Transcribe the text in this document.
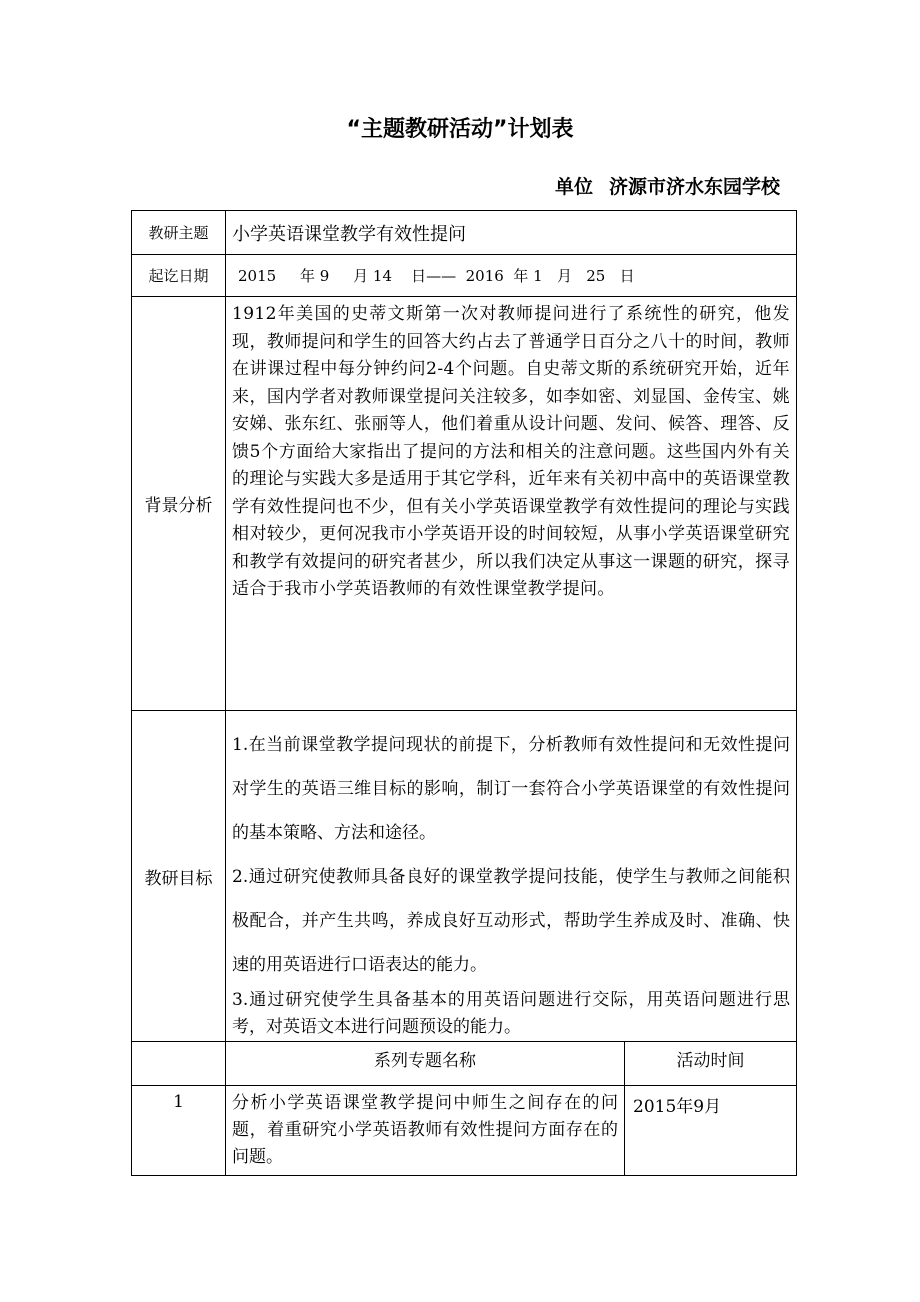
“主题教研活动”计划表
单位 济源市济水东园学校
教研主题	小学英语课堂教学有效性提问	
起讫日期	2015     年 9     月 14    日——  2016  年 1   月   25   日	
背景分析	1912年美国的史蒂文斯第一次对教师提问进行了系统性的研究，他发现，教师提问和学生的回答大约占去了普通学日百分之八十的时间，教师在讲课过程中每分钟约问2-4个问题。自史蒂文斯的系统研究开始，近年来，国内学者对教师课堂提问关注较多，如李如密、刘显国、金传宝、姚安娣、张东红、张丽等人，他们着重从设计问题、发问、候答、理答、反馈5个方面给大家指出了提问的方法和相关的注意问题。这些国内外有关的理论与实践大多是适用于其它学科，近年来有关初中高中的英语课堂教学有效性提问也不少，但有关小学英语课堂教学有效性提问的理论与实践相对较少，更何况我市小学英语开设的时间较短，从事小学英语课堂研究和教学有效提问的研究者甚少，所以我们决定从事这一课题的研究，探寻适合于我市小学英语教师的有效性课堂教学提问。	
教研目标	1.在当前课堂教学提问现状的前提下，分析教师有效性提问和无效性提问对学生的英语三维目标的影响，制订一套符合小学英语课堂的有效性提问的基本策略、方法和途径。

2.通过研究使教师具备良好的课堂教学提问技能，使学生与教师之间能积极配合，并产生共鸣，养成良好互动形式，帮助学生养成及时、准确、快速的用英语进行口语表达的能力。

3.通过研究使学生具备基本的用英语问题进行交际，用英语问题进行思考，对英语文本进行问题预设的能力。	

	系列专题名称	活动时间
1	分析小学英语课堂教学提问中师生之间存在的问题，着重研究小学英语教师有效性提问方面存在的问题。	2015年9月
